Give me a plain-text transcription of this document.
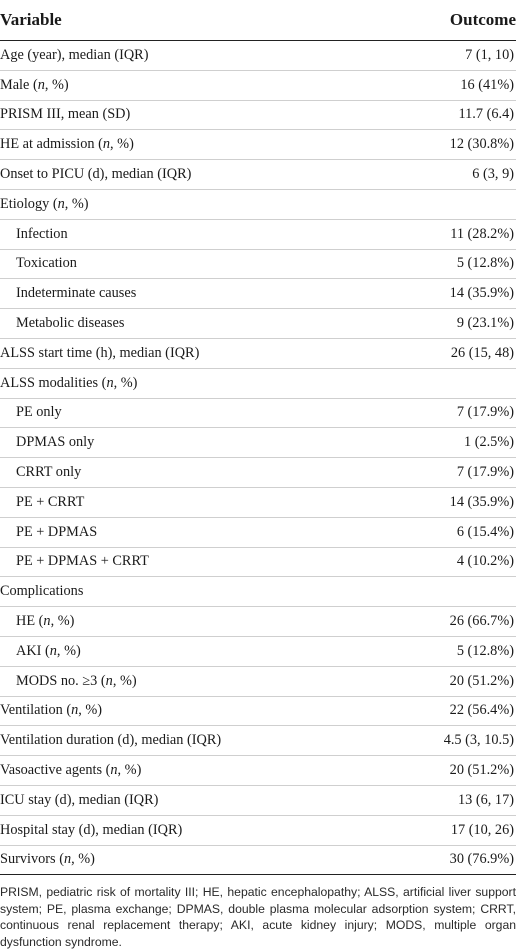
Variable	Outcome
Age (year), median (IQR)	7 (1, 10)
Male (n, %)	16 (41%)
PRISM III, mean (SD)	11.7 (6.4)
HE at admission (n, %)	12 (30.8%)
Onset to PICU (d), median (IQR)	6 (3, 9)
Etiology (n, %)	
Infection	11 (28.2%)
Toxication	5 (12.8%)
Indeterminate causes	14 (35.9%)
Metabolic diseases	9 (23.1%)
ALSS start time (h), median (IQR)	26 (15, 48)
ALSS modalities (n, %)	
PE only	7 (17.9%)
DPMAS only	1 (2.5%)
CRRT only	7 (17.9%)
PE + CRRT	14 (35.9%)
PE + DPMAS	6 (15.4%)
PE + DPMAS + CRRT	4 (10.2%)
Complications	
HE (n, %)	26 (66.7%)
AKI (n, %)	5 (12.8%)
MODS no. ≥3 (n, %)	20 (51.2%)
Ventilation (n, %)	22 (56.4%)
Ventilation duration (d), median (IQR)	4.5 (3, 10.5)
Vasoactive agents (n, %)	20 (51.2%)
ICU stay (d), median (IQR)	13 (6, 17)
Hospital stay (d), median (IQR)	17 (10, 26)
Survivors (n, %)	30 (76.9%)
PRISM, pediatric risk of mortality III; HE, hepatic encephalopathy; ALSS, artificial liver support system; PE, plasma exchange; DPMAS, double plasma molecular adsorption system; CRRT, continuous renal replacement therapy; AKI, acute kidney injury; MODS, multiple organ dysfunction syndrome.
